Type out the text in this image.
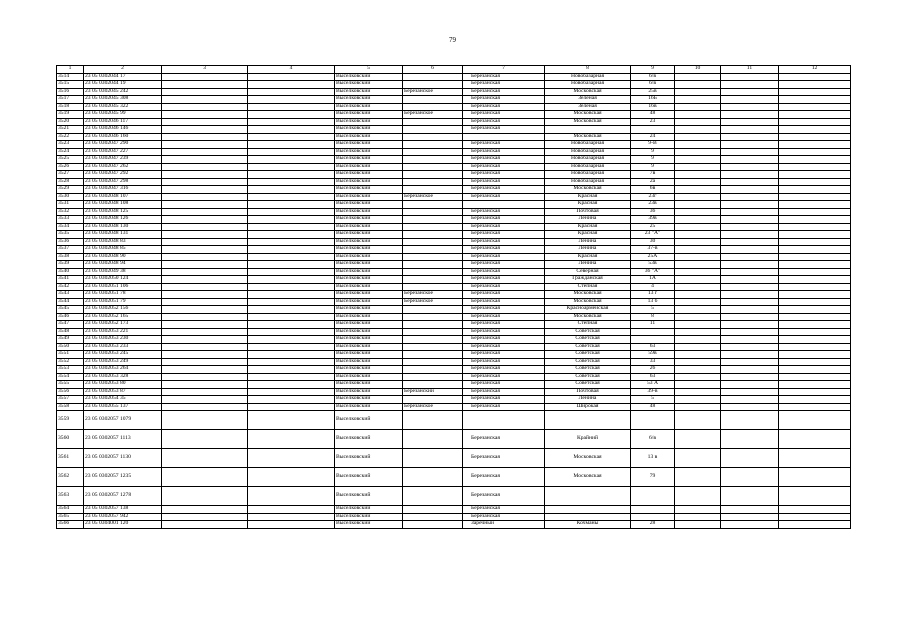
79
1	2	3	4	5	6	7	8	9	10	11	12
3514	23 05 0302044 17			Выселковский		Березанская	Новобазарная	6/в			
3515	23 05 0302044 19			Выселковский		Березанская	Новобазарная	6/в			
3516	23 05 0302045 242			Выселковский	Березанское	Березанская	Московская	25в			
3517	23 05 0302045 308			Выселковский		Березанская	Зеленая	16Б			
3518	23 05 0302045 322			Выселковский		Березанская	Зеленая	16в			
3519	23 05 0302045 99			Выселковский	Березанское	Березанская	Московская	48			
3520	23 05 0302046 117			Выселковский		Березанская	Московская	23			
3521	23 05 0302046 146			Выселковский		Березанская					
3522	23 05 0302046 160			Выселковский			Московская	24			
3523	23 05 0302047 290			Выселковский		Березанская	Новобазарная	9-В			
3524	23 05 0302047 227			Выселковский		Березанская	Новобазарная	9			
3525	23 05 0302047 239			Выселковский		Березанская	Новобазарная	9			
3526	23 05 0302047 262			Выселковский		Березанская	Новобазарная	9			
3527	23 05 0302047 292			Выселковский		Березанская	Новобазарная	7в			
3528	23 05 0302047 298			Выселковский		Березанская	Новобазарная	2а			
3529	23 05 0302047 316			Выселковский		Березанская	Московская	6в			
3530	23 05 0302048 107			Выселковский	Березанское	Березанская	Красная	23г			
3531	23 05 0302048 108			Выселковский			Красная	23в			
3532	23 05 0302048 125			Выселковский		Березанская	Почтовая	36			
3533	23 05 0302048 126			Выселковский		Березанская	Ленина	39в			
3534	23 05 0302048 130			Выселковский		Березанская	Красная	25			
3535	23 05 0302048 131			Выселковский		Березанская	Красная	23 "А"			
3536	23 05 0302048 83			Выселковский		Березанская	Ленина	30			
3537	23 05 0302048 85			Выселковский		Березанская	Ленина	37-в			
3538	23 05 0302048 90			Выселковский		Березанская	Красная	25А			
3539	23 05 0302048 94			Выселковский		Березанская	Ленина	53в			
3540	23 05 0302049 38			Выселковский		Березанская	Северная	36 "А"			
3541	23 05 0302050 124			Выселковский		Березанская	Гражданская	1А			
3542	23 05 0302051 106			Выселковский		Березанская	Степная	4			
3543	23 05 0302051 78			Выселковский	Березанское	Березанская	Московская	13 г			
3544	23 05 0302051 79			Выселковский	Березанское	Березанская	Московская	13 б			
3545	23 05 0302052 156			Выселковский		Березанская	Красноармейская	5			
3546	23 05 0302052 165			Выселковский		Березанская	Московская	8			
3547	23 05 0302052 173			Выселковский		Березанская	Степная	11			
3548	23 05 0302053 221			Выселковский		Березанская	Советская				
3549	23 05 0302053 230			Выселковский		Березанская	Советская				
3550	23 05 0302053 233			Выселковский		Березанская	Советская	63			
3551	23 05 0302053 245			Выселковский		Березанская	Советская	59в			
3552	23 05 0302053 249			Выселковский		Березанская	Советская	33			
3553	23 05 0302053 264			Выселковский		Березанская	Советская	26			
3554	23 05 0302053 328			Выселковский		Березанская	Советская	63			
3555	23 05 0302053 80			Выселковский		Березанская	Советская	53 А			
3556	23 05 0302053 87			Выселковский	Березанский	Березанская	Почтовая	39-в			
3557	23 05 0302054 35			Выселковский		Березанская	Ленина	5			
3558	23 05 0302055 137			Выселковский	Березанское	Березанская	Широкая	48			
3559	23 05 0302057 1079			Выселковский							
3560	23 05 0302057 1113			Выселковский		Березанская	Крайний	6/в			
3561	23 05 0302057 1130			Выселковский		Березанская	Московская	13 в			
3562	23 05 0302057 1235			Выселковский		Березанская	Московская	79			
3563	23 05 0302057 1278			Выселковский		Березанская					
3564	23 05 0302057 138			Выселковский		Березанская					
3565	23 05 0302057 942			Выселковский		Березанская					
3566	23 05 0304001 120			Выселковский		Заречный	Кочманы	28			
